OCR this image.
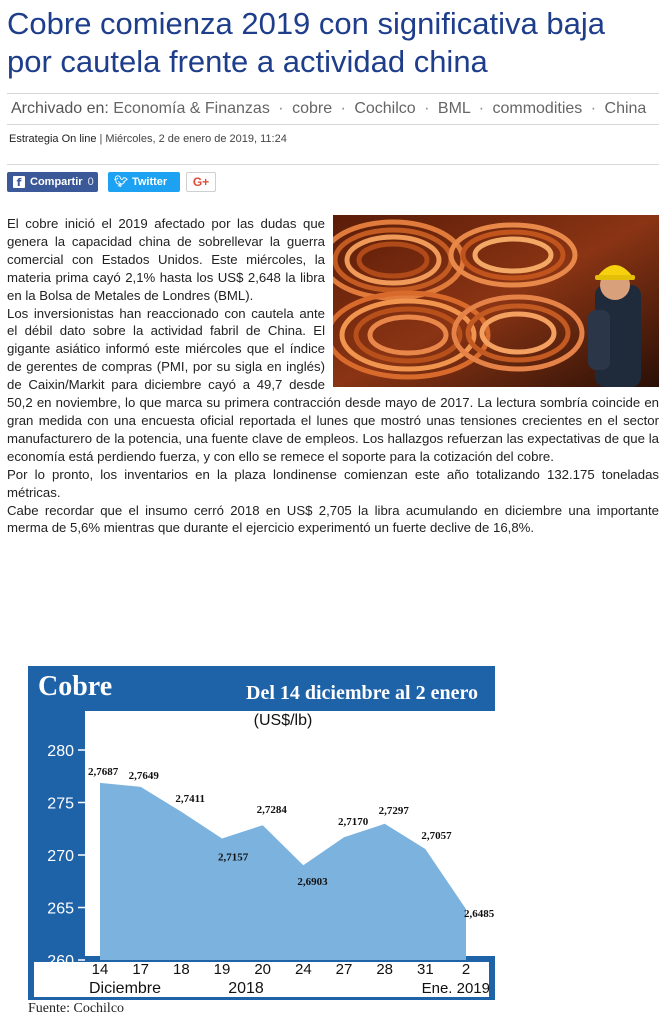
Cobre comienza 2019 con significativa baja por cautela frente a actividad china
Archivado en: Economía & Finanzas · cobre · Cochilco · BML · commodities · China
Estrategia On line | Miércoles, 2 de enero de 2019, 11:24
f Compartir 0	🐦︎ Twitter	G+

El cobre inició el 2019 afectado por las dudas que genera la capacidad china de sobrellevar la guerra comercial con Estados Unidos. Este miércoles, la materia prima cayó 2,1% hasta los US$ 2,648 la libra en la Bolsa de Metales de Londres (BML).

Los inversionistas han reaccionado con cautela ante el débil dato sobre la actividad fabril de China. El gigante asiático informó este miércoles que el índice de gerentes de compras (PMI, por su sigla en inglés) de Caixin/Markit para diciembre cayó a 49,7 desde 50,2 en noviembre, lo que marca su primera contracción desde mayo de 2017. La lectura sombría coincide en gran medida con una encuesta oficial reportada el lunes que mostró unas tensiones crecientes en el sector manufacturero de la potencia, una fuente clave de empleos. Los hallazgos refuerzan las expectativas de que la economía está perdiendo fuerza, y con ello se remece el soporte para la cotización del cobre.

Por lo pronto, los inventarios en la plaza londinense comienzan este año totalizando 132.175 toneladas métricas.

Cabe recordar que el insumo cerró 2018 en US$ 2,705 la libra acumulando en diciembre una importante merma de 5,6% mientras que durante el ejercicio experimentó un fuerte declive de 16,8%.

Cobre	Del 14 diciembre al 2 enero
(US$/lb)
260
265
270
275
280
14 17 18 19 20 24 27 28 31 2
2,7687 2,7649
2,7411
2,7157
2,7284
2,6903
2,7170
2,7297
2,7057
2,6485
Diciembre	2018	Ene. 2019
Fuente: Cochilco
